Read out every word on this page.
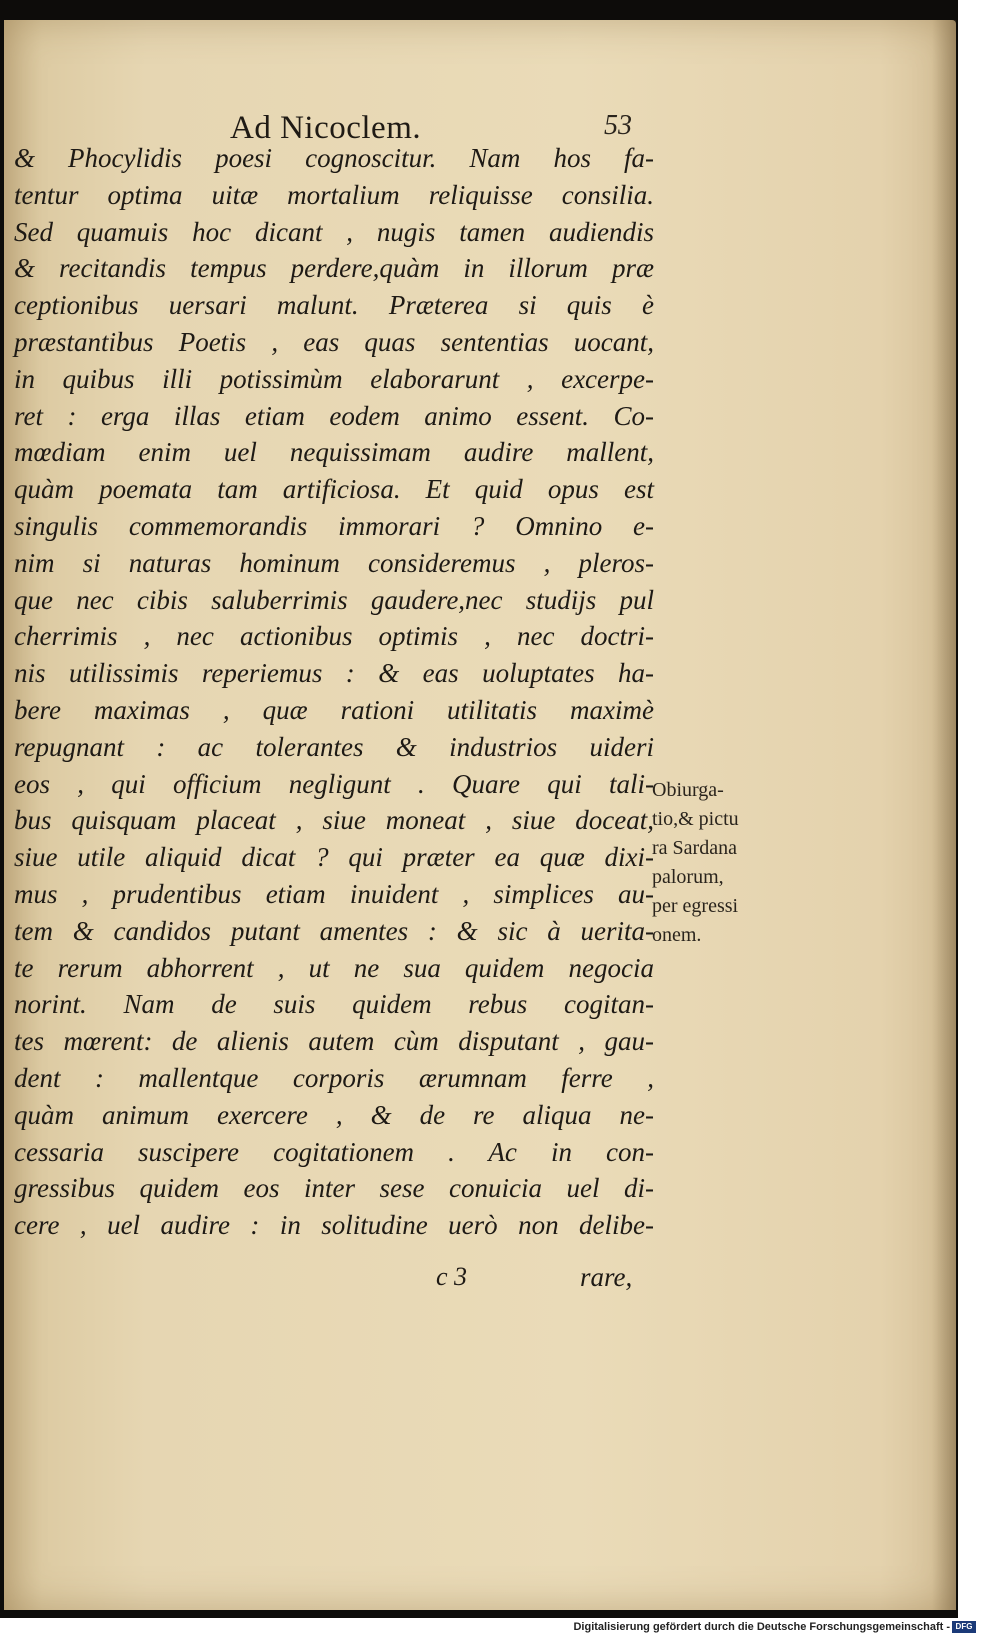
Ad Nicoclem.	53
& Phocylidis poesi cognoscitur. Nam hos fa-
tentur optima uitæ mortalium reliquisse consilia.
Sed quamuis hoc dicant , nugis tamen audiendis
& recitandis tempus perdere,quàm in illorum præ
ceptionibus uersari malunt. Præterea si quis è
præstantibus Poetis , eas quas sententias uocant,
in quibus illi potissimùm elaborarunt , excerpe-
ret : erga illas etiam eodem animo essent. Co-
mœdiam enim uel nequissimam audire mallent,
quàm poemata tam artificiosa. Et quid opus est
singulis commemorandis immorari ? Omnino e-
nim si naturas hominum consideremus , pleros-
que nec cibis saluberrimis gaudere,nec studijs pul
cherrimis , nec actionibus optimis , nec doctri-
nis utilissimis reperiemus : & eas uoluptates ha-
bere maximas , quæ rationi utilitatis maximè
repugnant : ac tolerantes & industrios uideri
eos , qui officium negligunt . Quare qui tali-
bus quisquam placeat , siue moneat , siue doceat,
siue utile aliquid dicat ? qui præter ea quæ dixi-
mus , prudentibus etiam inuident , simplices au-
tem & candidos putant amentes : & sic à uerita-
te rerum abhorrent , ut ne sua quidem negocia
norint. Nam de suis quidem rebus cogitan-
tes mœrent: de alienis autem cùm disputant , gau-
dent : mallentque corporis ærumnam ferre ,
quàm animum exercere , & de re aliqua ne-
cessaria suscipere cogitationem . Ac in con-
gressibus quidem eos inter sese conuicia uel di-
cere , uel audire : in solitudine uerò non delibe-
Obiurga-
tio,& pictu
ra Sardana
palorum,
per egressi
onem.
c 3	rare,
Digitalisierung gefördert durch die Deutsche Forschungsgemeinschaft - DFG
